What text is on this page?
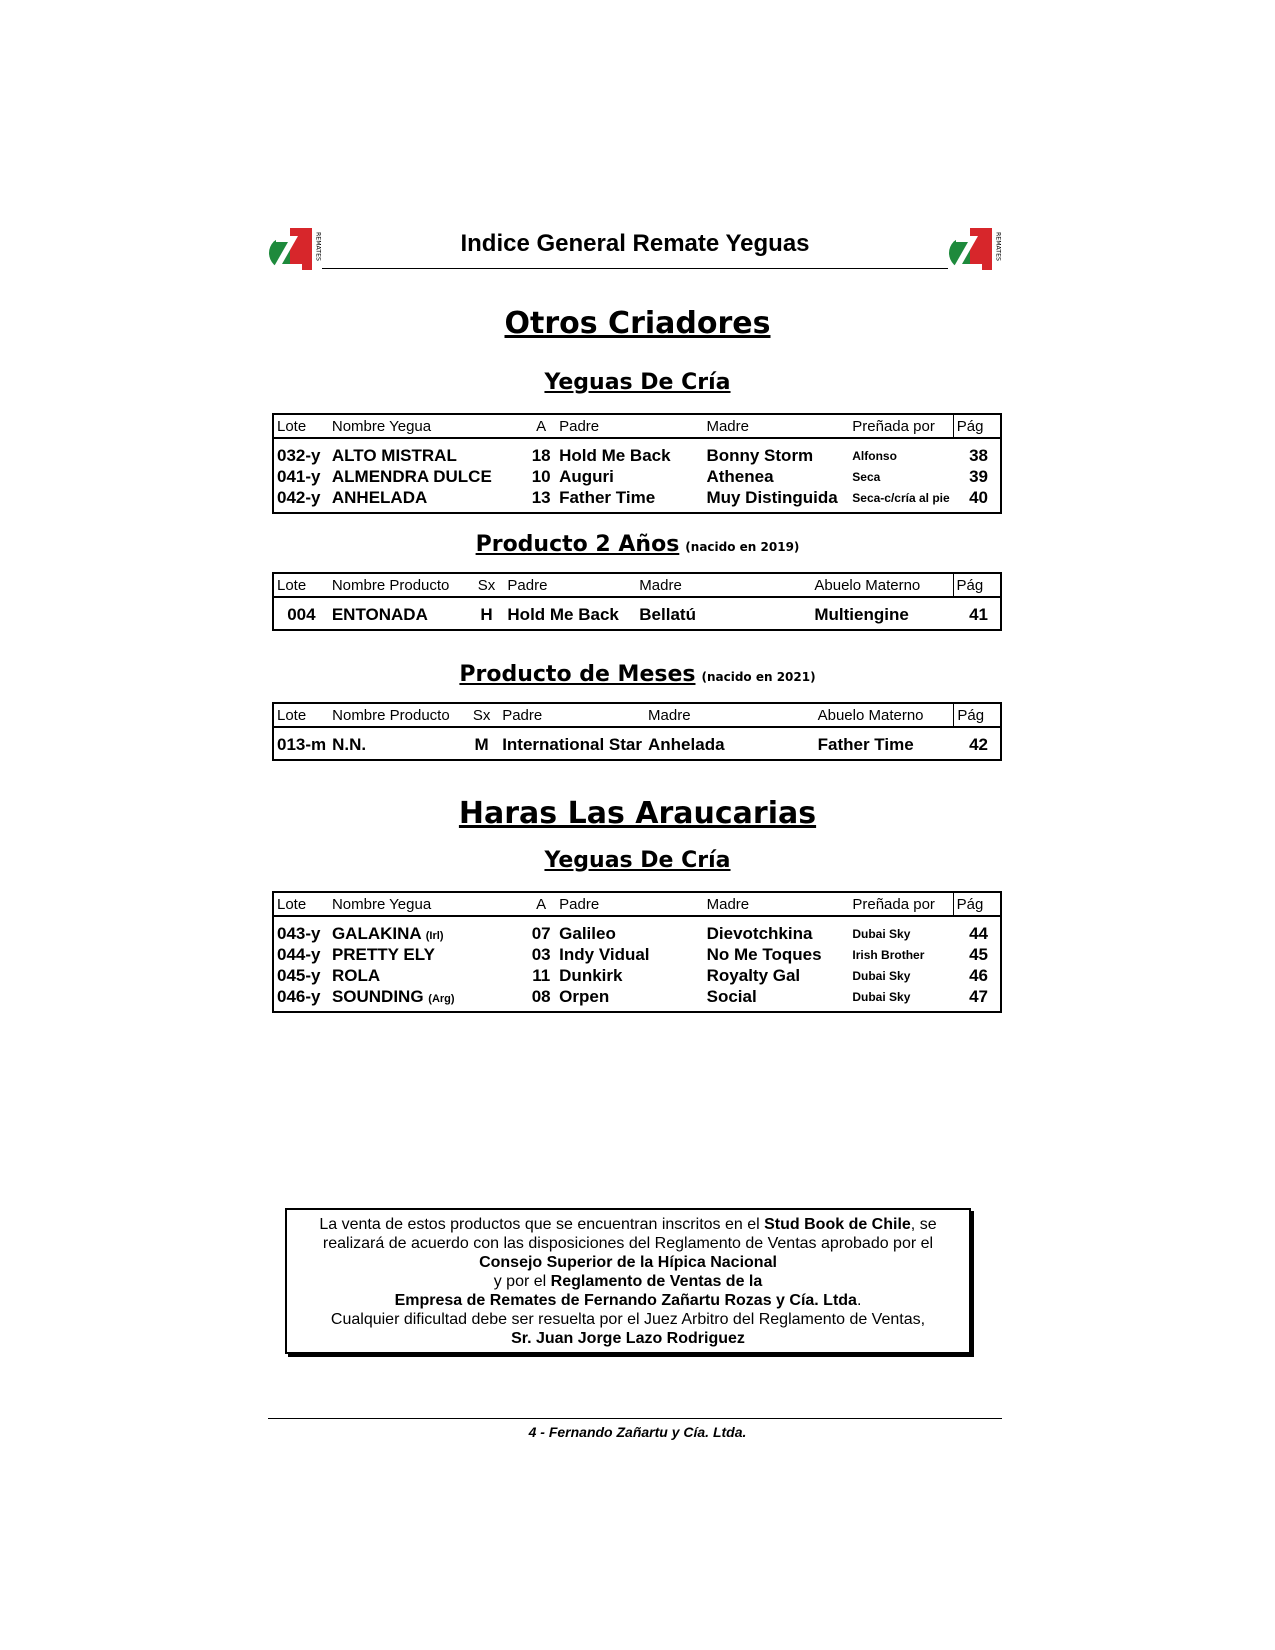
REMATES	REMATES
Indice General Remate Yeguas
Otros Criadores
Yeguas De Cría
Lote	Nombre Yegua	A	Padre	Madre	Preñada por	Pág
032-y	ALTO MISTRAL	18	Hold Me Back	Bonny Storm	Alfonso	38
041-y	ALMENDRA DULCE	10	Auguri	Athenea	Seca	39
042-y	ANHELADA	13	Father Time	Muy Distinguida	Seca-c/cría al pie	40
Producto 2 Años (nacido en 2019)
Lote	Nombre Producto	Sx	Padre	Madre	Abuelo Materno	Pág
004	ENTONADA	H	Hold Me Back	Bellatú	Multiengine	41
Producto de Meses (nacido en 2021)
Lote	Nombre Producto	Sx	Padre	Madre	Abuelo Materno	Pág
013-m	N.N.	M	International Star	Anhelada	Father Time	42
Haras Las Araucarias
Yeguas De Cría
Lote	Nombre Yegua	A	Padre	Madre	Preñada por	Pág
043-y	GALAKINA (Irl)	07	Galileo	Dievotchkina	Dubai Sky	44
044-y	PRETTY ELY	03	Indy Vidual	No Me Toques	Irish Brother	45
045-y	ROLA	11	Dunkirk	Royalty Gal	Dubai Sky	46
046-y	SOUNDING (Arg)	08	Orpen	Social	Dubai Sky	47
La venta de estos productos que se encuentran inscritos en el Stud Book de Chile, se
realizará de acuerdo con las disposiciones del Reglamento de Ventas aprobado por el
Consejo Superior de la Hípica Nacional
y por el Reglamento de Ventas de la
Empresa de Remates de Fernando Zañartu Rozas y Cía. Ltda.
Cualquier dificultad debe ser resuelta por el Juez Arbitro del Reglamento de Ventas,
Sr. Juan Jorge Lazo Rodriguez
4 - Fernando Zañartu y Cía. Ltda.
